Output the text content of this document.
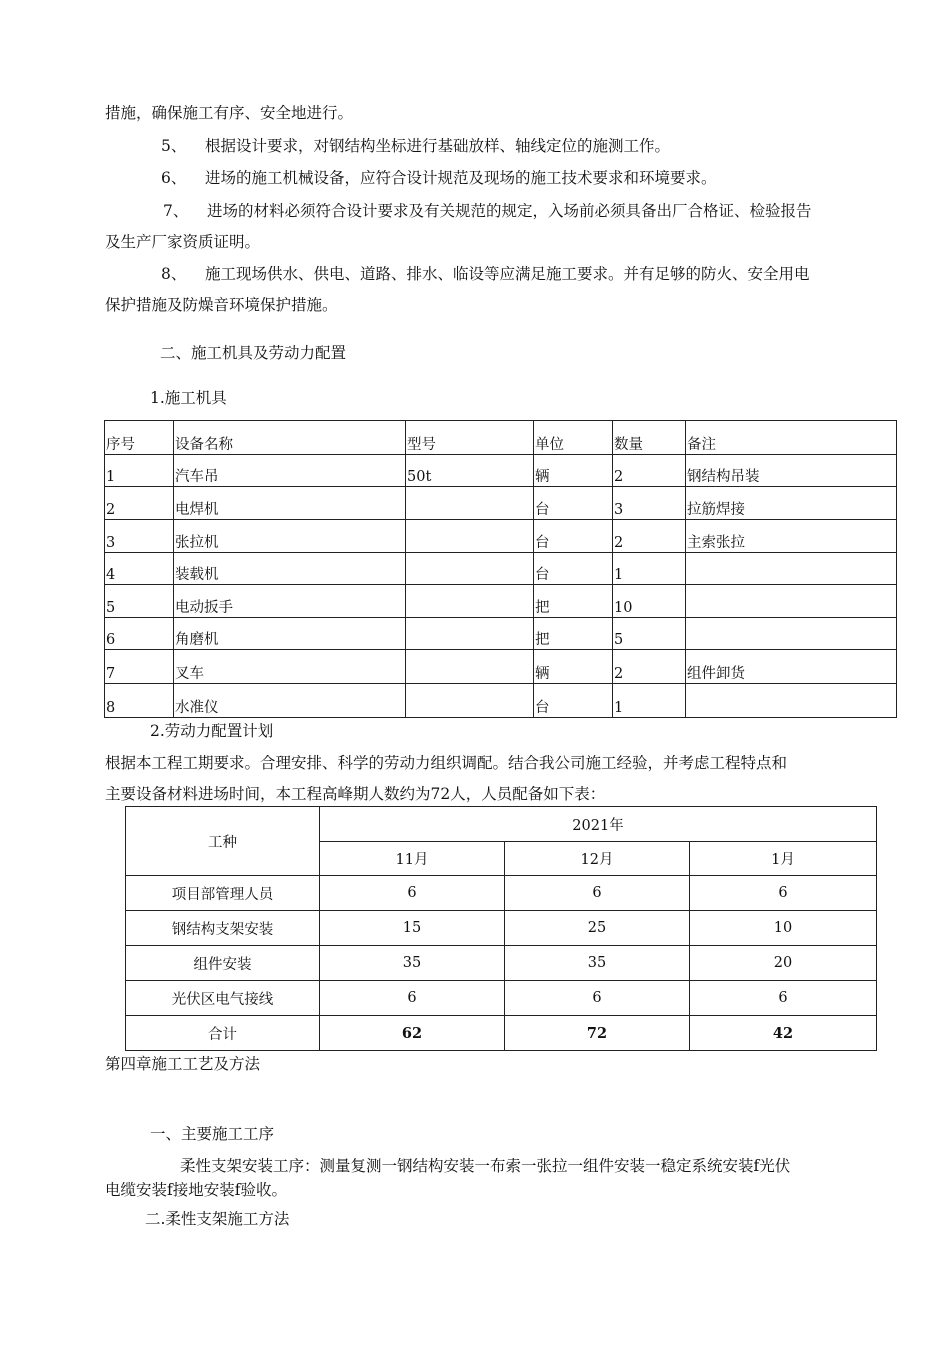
措施，确保施工有序、安全地进行。
5、 根据设计要求，对钢结构坐标进行基础放样、轴线定位的施测工作。
6、 进场的施工机械设备，应符合设计规范及现场的施工技术要求和环境要求。
7、 进场的材料必须符合设计要求及有关规范的规定，入场前必须具备出厂合格证、检验报告
及生产厂家资质证明。
8、 施工现场供水、供电、道路、排水、临设等应满足施工要求。并有足够的防火、安全用电
保护措施及防燥音环境保护措施。
二、施工机具及劳动力配置
1.施工机具
序号	设备名称	型号	单位	数量	备注
1	汽车吊	50t	辆	2	钢结构吊装
2	电焊机		台	3	拉筋焊接
3	张拉机		台	2	主索张拉
4	装载机		台	1	
5	电动扳手		把	10	
6	角磨机		把	5	
7	叉车		辆	2	组件卸货
8	水准仪		台	1	
2.劳动力配置计划
根据本工程工期要求。合理安排、科学的劳动力组织调配。结合我公司施工经验，并考虑工程特点和
主要设备材料进场时间，本工程高峰期人数约为72人，人员配备如下表：
工种	2021年		
	11月	12月	1月
项目部管理人员	6	6	6
钢结构支架安装	15	25	10
组件安装	35	35	20
光伏区电气接线	6	6	6
合计	62	72	42
第四章施工工艺及方法
一、主要施工工序
柔性支架安装工序：测量复测一钢结构安装一布索一张拉一组件安装一稳定系统安装f光伏
电缆安装f接地安装f验收。
二.柔性支架施工方法
